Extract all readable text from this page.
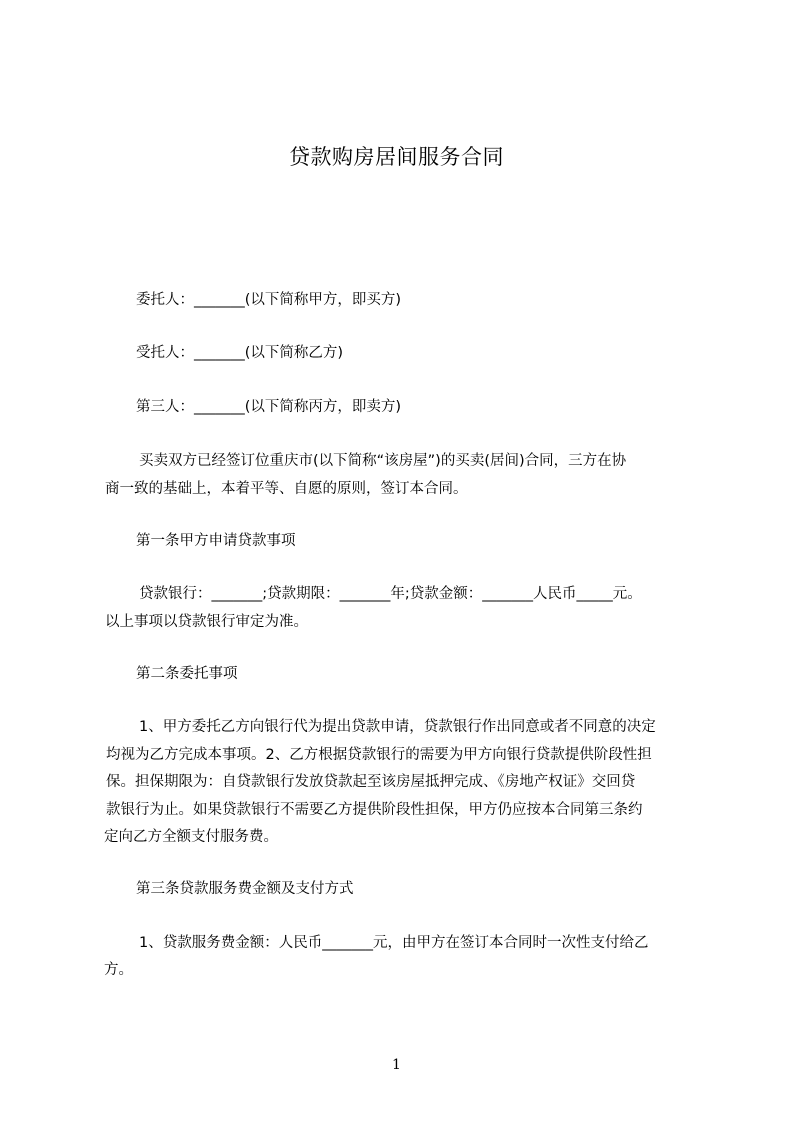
贷款购房居间服务合同
委托人：_______(以下简称甲方，即买方)
受托人：_______(以下简称乙方)
第三人：_______(以下简称丙方，即卖方)
买卖双方已经签订位重庆市(以下简称“该房屋”)的买卖(居间)合同，三方在协
商一致的基础上，本着平等、自愿的原则，签订本合同。
第一条甲方申请贷款事项
贷款银行：_______;贷款期限：_______年;贷款金额：_______人民币_____元。
以上事项以贷款银行审定为准。
第二条委托事项
1、甲方委托乙方向银行代为提出贷款申请，贷款银行作出同意或者不同意的决定
均视为乙方完成本事项。2、乙方根据贷款银行的需要为甲方向银行贷款提供阶段性担
保。担保期限为：自贷款银行发放贷款起至该房屋抵押完成、《房地产权证》交回贷
款银行为止。如果贷款银行不需要乙方提供阶段性担保，甲方仍应按本合同第三条约
定向乙方全额支付服务费。
第三条贷款服务费金额及支付方式
1、贷款服务费金额：人民币_______元，由甲方在签订本合同时一次性支付给乙
方。
1
